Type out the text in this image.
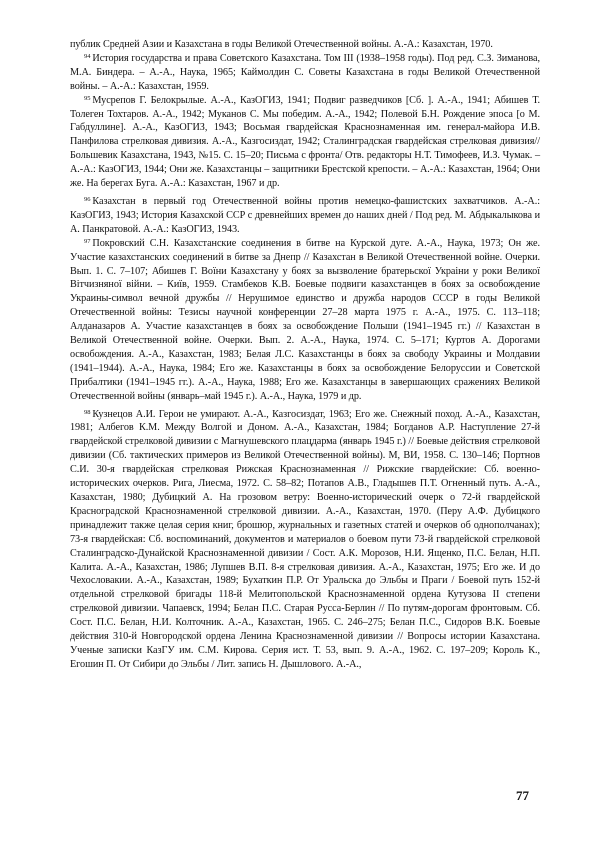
публик Средней Азии и Казахстана в годы Великой Отечественной войны. А.-А.: Казахстан, 1970.

$^{94}$ История государства и права Советского Казахстана. Том III (1938–1958 годы). Под ред. С.З. Зиманова, М.А. Биндера. – А.-А., Наука, 1965; Каймолдин С. Советы Казахстана в годы Великой Отечественной войны. – А.-А.: Казахстан, 1959.

$^{95}$ Мусрепов Г. Белокрылые. А.-А., КазОГИЗ, 1941; Подвиг разведчиков [Сб. ]. А.-А., 1941; Абишев Т. Толеген Тохтаров. А.-А., 1942; Муканов С. Мы победим. А.-А., 1942; Полевой Б.Н. Рождение эпоса [о М. Габдуллине]. А.-А., КазОГИЗ, 1943; Восьмая гвардейская Краснознаменная им. генерал-майора И.В. Панфилова стрелковая дивизия. А.-А., Казгосиздат, 1942; Сталинградская гвардейская стрелковая дивизия// Большевик Казахстана, 1943, №15. С. 15–20; Письма с фронта/ Отв. редакторы Н.Т. Тимофеев, И.З. Чумак. – А.-А.: КазОГИЗ, 1944; Они же. Казахстанцы – защитники Брестской крепости. – А.-А.: Казахстан, 1964; Они же. На берегах Буга. А.-А.: Казахстан, 1967 и др.

$^{96}$ Казахстан в первый год Отечественной войны против немецко-фашистских захватчиков. А.-А.: КазОГИЗ, 1943; История Казахской ССР с древнейших времен до наших дней / Под ред. М. Абдыкалыкова и А. Панкратовой. А.-А.: КазОГИЗ, 1943.

$^{97}$ Покровский С.Н. Казахстанские соединения в битве на Курской дуге. А.-А., Наука, 1973; Он же. Участие казахстанских соединений в битве за Днепр // Казахстан в Великой Отечественной войне. Очерки. Вып. 1. С. 7–107; Абишев Г. Воїни Казахстану у боях за вызволение братерьскої Украіни у роки Великої Вітчизняної війни. – Київ, 1959. Стамбеков К.В. Боевые подвиги казахстанцев в боях за освобождение Украины-символ вечной дружбы // Нерушимое единство и дружба народов СССР в годы Великой Отечественной войны: Тезисы научной конференции 27–28 марта 1975 г. А.-А., 1975. С. 113–118; Алданазаров А. Участие казахстанцев в боях за освобождение Польши (1941–1945 гг.) // Казахстан в Великой Отечественной войне. Очерки. Вып. 2. А.-А., Наука, 1974. С. 5–171; Куртов А. Дорогами освобождения. А.-А., Казахстан, 1983; Белая Л.С. Казахстанцы в боях за свободу Украины и Молдавии (1941–1944). А.-А., Наука, 1984; Его же. Казахстанцы в боях за освобождение Белоруссии и Советской Прибалтики (1941–1945 гг.). А.-А., Наука, 1988; Его же. Казахстанцы в завершающих сражениях Великой Отечественной войны (январь–май 1945 г.). А.-А., Наука, 1979 и др.

$^{98}$ Кузнецов А.И. Герои не умирают. А.-А., Казгосиздат, 1963; Его же. Снежный поход. А.-А., Казахстан, 1981; Албегов К.М. Между Волгой и Доном. А.-А., Казахстан, 1984; Богданов А.Р. Наступление 27-й гвардейской стрелковой дивизии с Магнушевского плацдарма (январь 1945 г.) // Боевые действия стрелковой дивизии (Сб. тактических примеров из Великой Отечественной войны). М, ВИ, 1958. С. 130–146; Портнов С.И. 30-я гвардейская стрелковая Рижская Краснознаменная // Рижские гвардейские: Сб. военно-исторических очерков. Рига, Лиесма, 1972. С. 58–82; Потапов А.В., Гладышев П.Т. Огненный путь. А.-А., Казахстан, 1980; Дубицкий А. На грозовом ветру: Военно-исторический очерк о 72-й гвардейской Красноградской Краснознаменной стрелковой дивизии. А.-А., Казахстан, 1970. (Перу А.Ф. Дубицкого принадлежит также целая серия книг, брошюр, журнальных и газетных статей и очерков об однополчанах); 73-я гвардейская: Сб. воспоминаний, документов и материалов о боевом пути 73-й гвардейской стрелковой Сталинградско-Дунайской Краснознаменной дивизии / Сост. А.К. Морозов, Н.И. Ященко, П.С. Белан, Н.П. Калита. А.-А., Казахстан, 1986; Лупшев В.П. 8-я стрелковая дивизия. А.-А., Казахстан, 1975; Его же. И до Чехословакии. А.-А., Казахстан, 1989; Бухаткин П.Р. От Уральска до Эльбы и Праги / Боевой путь 152-й отдельной стрелковой бригады 118-й Мелитопольской Краснознаменной ордена Кутузова II степени стрелковой дивизии. Чапаевск, 1994; Белан П.С. Старая Русса-Берлин // По путям-дорогам фронтовым. Сб. Сост. П.С. Белан, Н.И. Колточник. А.-А., Казахстан, 1965. С. 246–275; Белан П.С., Сидоров В.К. Боевые действия 310-й Новгородской ордена Ленина Краснознаменной дивизии // Вопросы истории Казахстана. Ученые записки КазГУ им. С.М. Кирова. Серия ист. Т. 53, вып. 9. А.-А., 1962. С. 197–209; Король К., Егошин П. От Сибири до Эльбы / Лит. запись Н. Дышлового. А.-А.,

77
